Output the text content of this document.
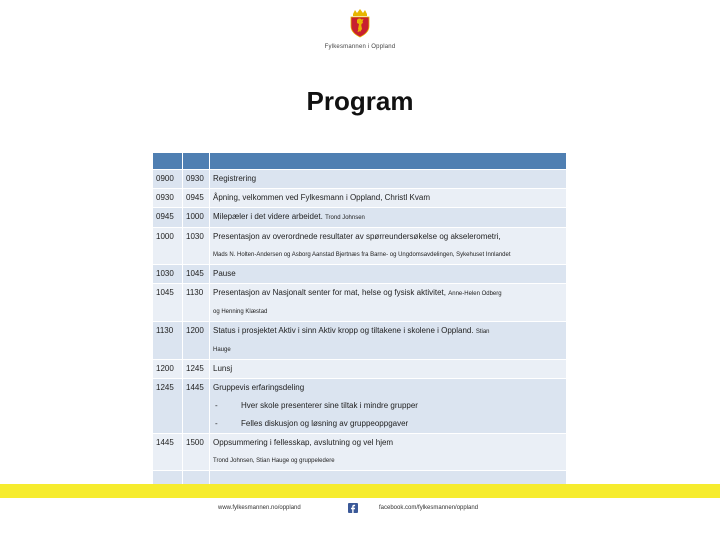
Fylkesmannen i Oppland
Program

0900	0930	Registrering
0930	0945	Åpning, velkommen ved Fylkesmann i Oppland, Christl Kvam
0945	1000	Milepæler i det videre arbeidet. Trond Johnsen
1000	1030	Presentasjon av overordnede resultater av spørreundersøkelse og akselerometri,
Mads N. Holten-Andersen og Asborg Aanstad Bjertnæs fra Barne- og Ungdomsavdelingen, Sykehuset Innlandet

1030	1045	Pause
1045	1130	Presentasjon av Nasjonalt senter for mat, helse og fysisk aktivitet, Anne-Helen Odberg
og Henning Klæstad

1130	1200	Status i prosjektet Aktiv i sinn Aktiv kropp og tiltakene i skolene i Oppland. Stian
Hauge

1200	1245	Lunsj
1245	1445	Gruppevis erfaringsdeling
- Hver skole presenterer sine tiltak i mindre grupper
- Felles diskusjon og løsning av gruppeoppgaver

1445	1500	Oppsummering i fellesskap, avslutning og vel hjem
Trond Johnsen, Stian Hauge og gruppeledere

www.fylkesmannen.no/oppland	facebook.com/fylkesmannen/oppland
